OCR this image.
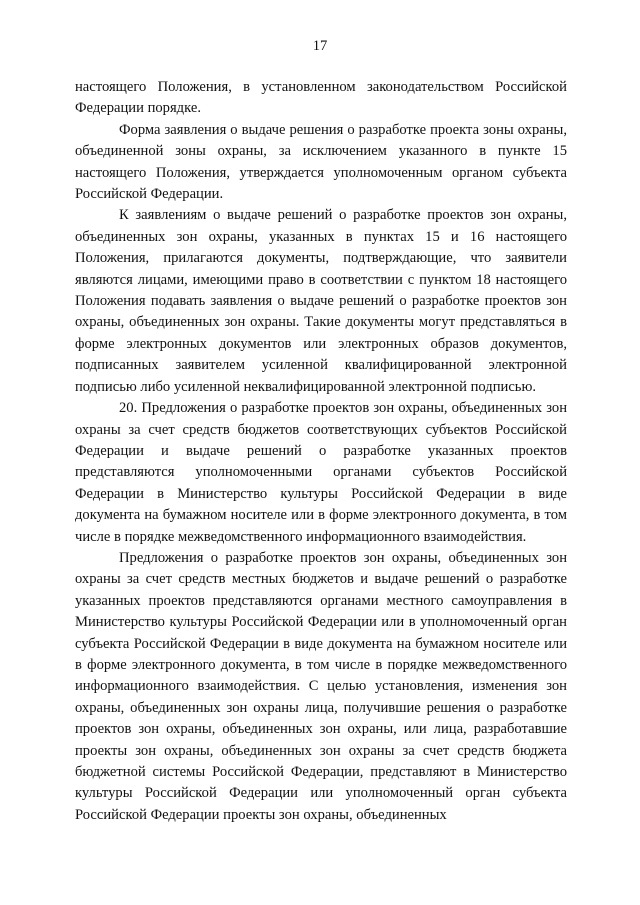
17

настоящего Положения, в установленном законодательством Российской Федерации порядке.

Форма заявления о выдаче решения о разработке проекта зоны охраны, объединенной зоны охраны, за исключением указанного в пункте 15 настоящего Положения, утверждается уполномоченным органом субъекта Российской Федерации.

К заявлениям о выдаче решений о разработке проектов зон охраны, объединенных зон охраны, указанных в пунктах 15 и 16 настоящего Положения, прилагаются документы, подтверждающие, что заявители являются лицами, имеющими право в соответствии с пунктом 18 настоящего Положения подавать заявления о выдаче решений о разработке проектов зон охраны, объединенных зон охраны. Такие документы могут представляться в форме электронных документов или электронных образов документов, подписанных заявителем усиленной квалифицированной электронной подписью либо усиленной неквалифицированной электронной подписью.

20. Предложения о разработке проектов зон охраны, объединенных зон охраны за счет средств бюджетов соответствующих субъектов Российской Федерации и выдаче решений о разработке указанных проектов представляются уполномоченными органами субъектов Российской Федерации в Министерство культуры Российской Федерации в виде документа на бумажном носителе или в форме электронного документа, в том числе в порядке межведомственного информационного взаимодействия.

Предложения о разработке проектов зон охраны, объединенных зон охраны за счет средств местных бюджетов и выдаче решений о разработке указанных проектов представляются органами местного самоуправления в Министерство культуры Российской Федерации или в уполномоченный орган субъекта Российской Федерации в виде документа на бумажном носителе или в форме электронного документа, в том числе в порядке межведомственного информационного взаимодействия. С целью установления, изменения зон охраны, объединенных зон охраны лица, получившие решения о разработке проектов зон охраны, объединенных зон охраны, или лица, разработавшие проекты зон охраны, объединенных зон охраны за счет средств бюджета бюджетной системы Российской Федерации, представляют в Министерство культуры Российской Федерации или уполномоченный орган субъекта Российской Федерации проекты зон охраны, объединенных
